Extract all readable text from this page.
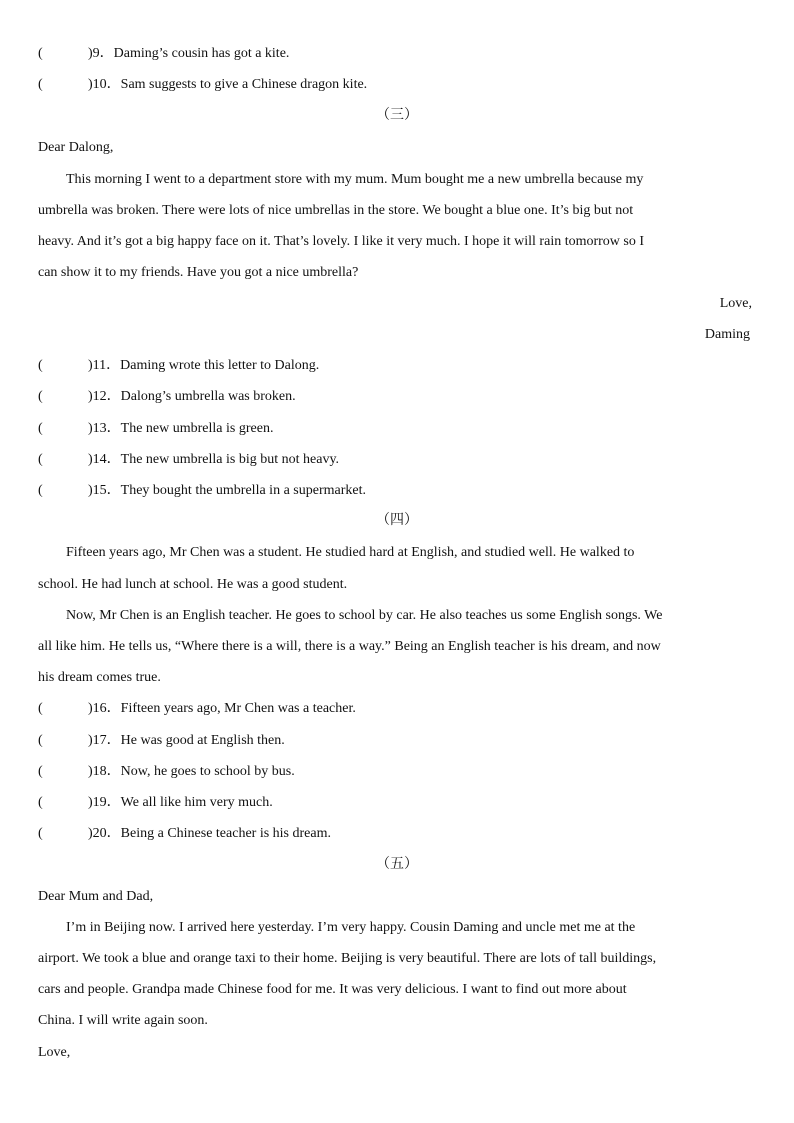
(	)9．Daming’s cousin has got a kite.
(	)10．Sam suggests to give a Chinese dragon kite.
（三）
Dear Dalong,
This morning I went to a department store with my mum. Mum bought me a new umbrella because my
umbrella was broken. There were lots of nice umbrellas in the store. We bought a blue one. It’s big but not
heavy. And it’s got a big happy face on it. That’s lovely. I like it very much. I hope it will rain tomorrow so I
can show it to my friends. Have you got a nice umbrella?
Love,
Daming
(	)11．Daming wrote this letter to Dalong.
(	)12．Dalong’s umbrella was broken.
(	)13．The new umbrella is green.
(	)14．The new umbrella is big but not heavy.
(	)15．They bought the umbrella in a supermarket.
（四）
Fifteen years ago, Mr Chen was a student. He studied hard at English, and studied well. He walked to
school. He had lunch at school. He was a good student.
Now, Mr Chen is an English teacher. He goes to school by car. He also teaches us some English songs. We
all like him. He tells us, “Where there is a will, there is a way.” Being an English teacher is his dream, and now
his dream comes true.
(	)16．Fifteen years ago, Mr Chen was a teacher.
(	)17．He was good at English then.
(	)18．Now, he goes to school by bus.
(	)19．We all like him very much.
(	)20．Being a Chinese teacher is his dream.
（五）
Dear Mum and Dad,
I’m in Beijing now. I arrived here yesterday. I’m very happy. Cousin Daming and uncle met me at the
airport. We took a blue and orange taxi to their home. Beijing is very beautiful. There are lots of tall buildings,
cars and people. Grandpa made Chinese food for me. It was very delicious. I want to find out more about
China. I will write again soon.
Love,
